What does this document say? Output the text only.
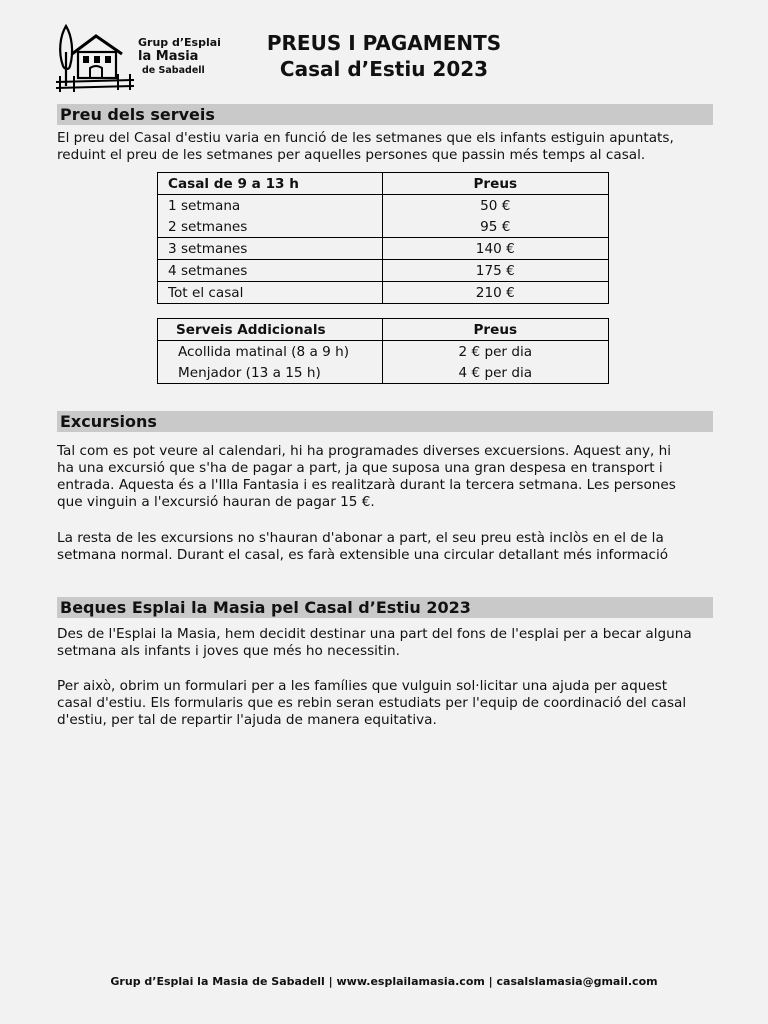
Grup d’Esplai
la Masia
de Sabadell
PREUS I PAGAMENTS
Casal d’Estiu 2023
Preu dels serveis
El preu del Casal d'estiu varia en funció de les setmanes que els infants estiguin apuntats,
reduint el preu de les setmanes per aquelles persones que passin més temps al casal.
Casal de 9 a 13 h	Preus
1 setmana	50 €
2 setmanes	95 €
3 setmanes	140 €
4 setmanes	175 €
Tot el casal	210 €
Serveis Addicionals	Preus
Acollida matinal (8 a 9 h)	2 € per dia
Menjador (13 a 15 h)	4 € per dia
Excursions
Tal com es pot veure al calendari, hi ha programades diverses excuersions. Aquest any, hi
ha una excursió que s'ha de pagar a part, ja que suposa una gran despesa en transport i
entrada. Aquesta és a l'Illa Fantasia i es realitzarà durant la tercera setmana. Les persones
que vinguin a l'excursió hauran de pagar 15 €.
La resta de les excursions no s'hauran d'abonar a part, el seu preu està inclòs en el de la
setmana normal. Durant el casal, es farà extensible una circular detallant més informació
Beques Esplai la Masia pel Casal d’Estiu 2023
Des de l'Esplai la Masia, hem decidit destinar una part del fons de l'esplai per a becar alguna
setmana als infants i joves que més ho necessitin.
Per això, obrim un formulari per a les famílies que vulguin sol·licitar una ajuda per aquest
casal d'estiu. Els formularis que es rebin seran estudiats per l'equip de coordinació del casal
d'estiu, per tal de repartir l'ajuda de manera equitativa.
Grup d’Esplai la Masia de Sabadell | www.esplailamasia.com | casalslamasia@gmail.com
